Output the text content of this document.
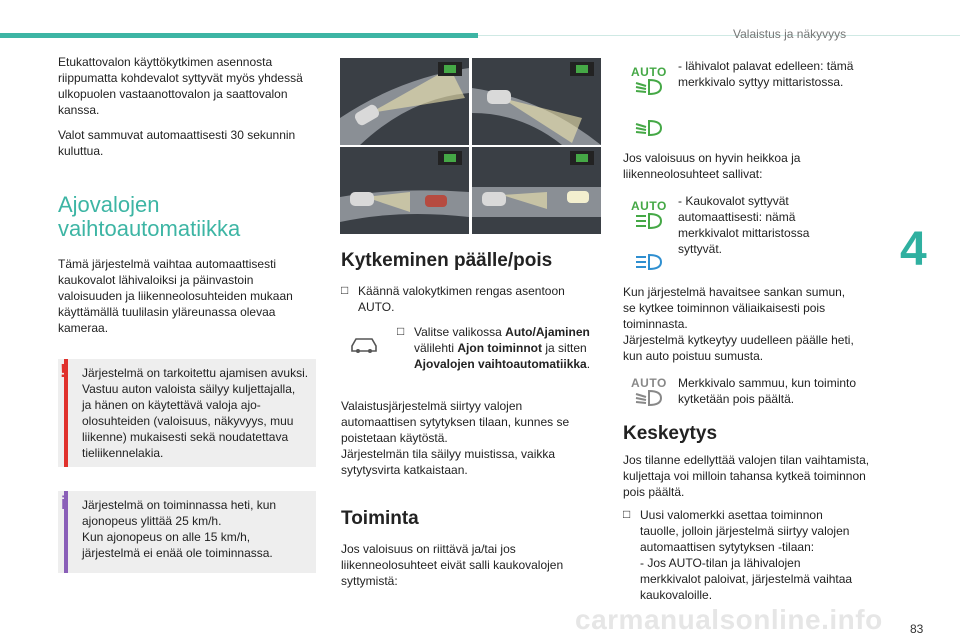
Valaistus ja näkyvyys
4

Etukattovalon käyttökytkimen asennosta
riippumatta kohdevalot syttyvät myös yhdessä
ulkopuolen vastaanottovalon ja saattovalon
kanssa.

Valot sammuvat automaattisesti 30 sekunnin
kuluttua.

Ajovalojen
vaihtoautomatiikka

Tämä järjestelmä vaihtaa automaattisesti
kaukovalot lähivaloiksi ja päinvastoin
valoisuuden ja liikenneolosuhteiden mukaan
käyttämällä tuulilasin yläreunassa olevaa
kameraa.

! Järjestelmä on tarkoitettu ajamisen avuksi.
Vastuu auton valoista säilyy kuljettajalla,
ja hänen on käytettävä valoja ajo-
olosuhteiden (valoisuus, näkyvyys, muu
liikenne) mukaisesti sekä noudatettava
tieliikennelakia.
i Järjestelmä on toiminnassa heti, kun
ajonopeus ylittää 25 km/h.
Kun ajonopeus on alle 15 km/h,
järjestelmä ei enää ole toiminnassa.
Kytkeminen päälle/pois
□ Käännä valokytkimen rengas asentoon
AUTO.

□ Valitse valikossa Auto/Ajaminen
välilehti Ajon toiminnot ja sitten
Ajovalojen vaihtoautomatiikka.

Valaistusjärjestelmä siirtyy valojen
automaattisen sytytyksen tilaan, kunnes se
poistetaan käytöstä.
Järjestelmän tila säilyy muistissa, vaikka
sytytysvirta katkaistaan.

Toiminta

Jos valoisuus on riittävä ja/tai jos
liikenneolosuhteet eivät salli kaukovalojen
syttymistä:

AUTO - lähivalot palavat edelleen: tämä
merkkivalo syttyy mittaristossa.

Jos valoisuus on hyvin heikkoa ja
liikenneolosuhteet sallivat:

AUTO - Kaukovalot syttyvät
automaattisesti: nämä
merkkivalot mittaristossa
syttyvät.

Kun järjestelmä havaitsee sankan sumun,
se kytkee toiminnon väliaikaisesti pois
toiminnasta.
Järjestelmä kytkeytyy uudelleen päälle heti,
kun auto poistuu sumusta.

AUTO Merkkivalo sammuu, kun toiminto
kytketään pois päältä.

Keskeytys

Jos tilanne edellyttää valojen tilan vaihtamista,
kuljettaja voi milloin tahansa kytkeä toiminnon
pois päältä.

□ Uusi valomerkki asettaa toiminnon
tauolle, jolloin järjestelmä siirtyy valojen
automaattisen sytytyksen -tilaan:
- Jos AUTO-tilan ja lähivalojen
merkkivalot paloivat, järjestelmä vaihtaa
kaukovaloille.

carmanualsonline.info 83
